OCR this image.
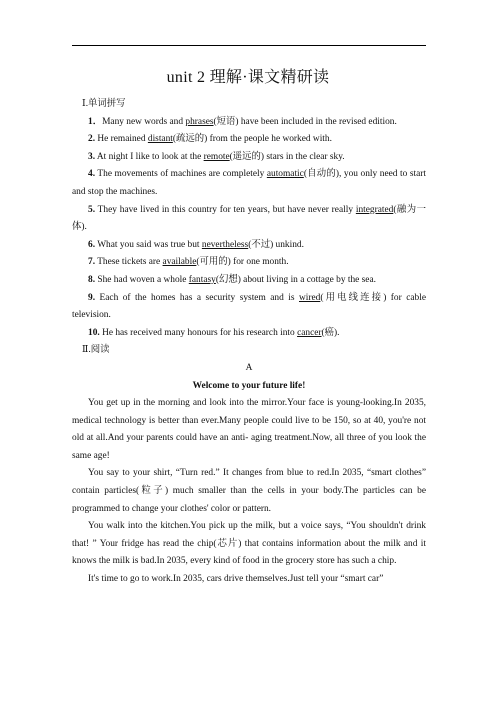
unit 2 理解·课文精研读

Ⅰ.单词拼写

1．Many new words and phrases(短语) have been included in the revised edition.

2. He remained distant(疏远的) from the people he worked with.

3. At night I like to look at the remote(遥远的) stars in the clear sky.

4. The movements of machines are completely automatic(自动的), you only need to start and stop the machines.

5. They have lived in this country for ten years, but have never really integrated(融为一体).

6. What you said was true but nevertheless(不过) unkind.

7. These tickets are available(可用的) for one month.

8. She had woven a whole fantasy(幻想) about living in a cottage by the sea.

9. Each of the homes has a security system and is wired(用电线连接) for cable television.

10. He has received many honours for his research into cancer(癌).

Ⅱ.阅读

A

Welcome to your future life!

You get up in the morning and look into the mirror.Your face is young-looking.In 2035, medical technology is better than ever.Many people could live to be 150, so at 40, you're not old at all.And your parents could have an anti- aging treatment.Now, all three of you look the same age!

You say to your shirt, “Turn red.” It changes from blue to red.In 2035, “smart clothes” contain particles(粒子) much smaller than the cells in your body.The particles can be programmed to change your clothes' color or pattern.

You walk into the kitchen.You pick up the milk, but a voice says, “You shouldn't drink that! ” Your fridge has read the chip(芯片) that contains information about the milk and it knows the milk is bad.In 2035, every kind of food in the grocery store has such a chip.

It's time to go to work.In 2035, cars drive themselves.Just tell your “smart car”
